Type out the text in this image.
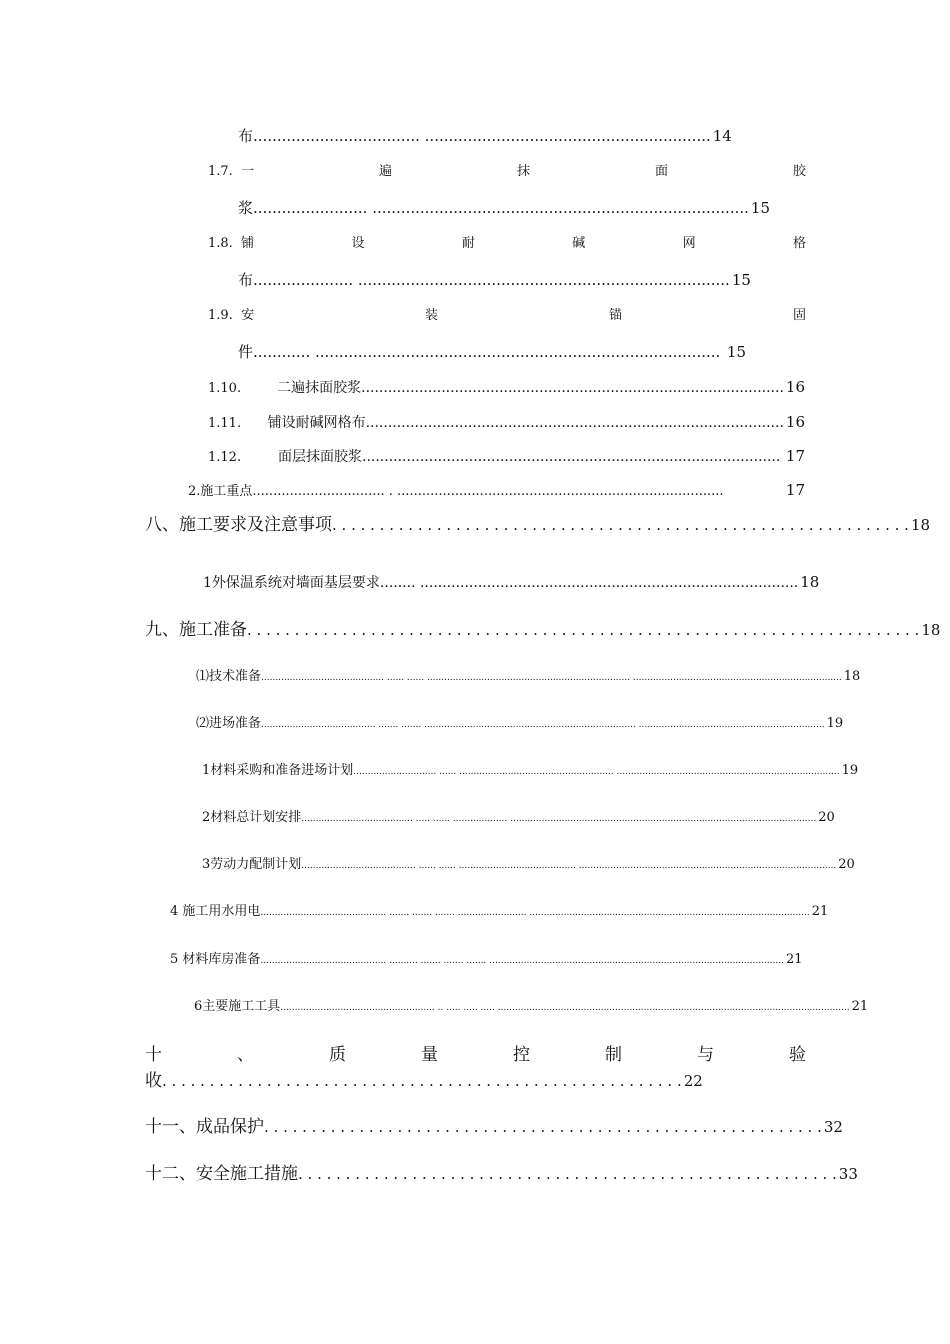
布 ................................... ............................................................ 14
1.7. 一	遍	抹	面	胶
浆 ........................ ............................................................................... 15
1.8. 铺	设	耐	碱	网	格
布 ..................... .............................................................................. 15
1.9. 安	装	锚	固
件 ............ ..................................................................................... 15
1.10.	二遍抹面胶浆. .............................................................................................. 16
1.11.	铺设耐碱网格布 .............................................................................................. 16
1.12.	面层抹面胶浆 .............................................................................................. 17
2.施工重点 ................................ . ...............................................................................	17
八、施工要求及注意事项 . . . . . . . . . . . . . . . . . . . . . . . . . . . . . . . . . . . . . . . . . . . . . . . . . . . . . . . . . . . . . 18
1 外保温系统对墙面基层要求 ........ ..................................................................................... 18
九、施工准备 . . . . . . . . . . . . . . . . . . . . . . . . . . . . . . . . . . . . . . . . . . . . . . . . . . . . . . . . . . . . . . . . . . . . . . . 18
⑴技术准备 ........................................... ...... ...... ....................................................................... ......................................................................... 18
⑵进场准备 ........................................ ....... ....... .......................................................................... ................................................................. 19
1 材料采购和准备进场计划 ............................. ...... ...................................................... .............................................................................. 19
2 材料总计划安排 ....................................... ..... ...... ................... ........................................................................................................... 20
3 劳动力配制计划 ........................................ ...... ...... ......................................... .......................................................................................... 20
4 施工用水用电 ............................................ ....... ....... ....... ........................ .................................................................................................. 21
5 材料库房准备 ............................................ .......... ....... ....... ....... ....................................................................................................... 21
6 主要施工工具 ...................................................... .. ..... ..... ..... ........................................................................................................................... 21
十	、	质	量	控	制	与	验
收 . . . . . . . . . . . . . . . . . . . . . . . . . . . . . . . . . . . . . . . . . . . . . . . . . . . . . . . 22
十一、成品保护 . . . . . . . . . . . . . . . . . . . . . . . . . . . . . . . . . . . . . . . . . . . . . . . . . . . . . . . . . . . 32
十二、安全施工措施 . . . . . . . . . . . . . . . . . . . . . . . . . . . . . . . . . . . . . . . . . . . . . . . . . . . . . . . . . 33
